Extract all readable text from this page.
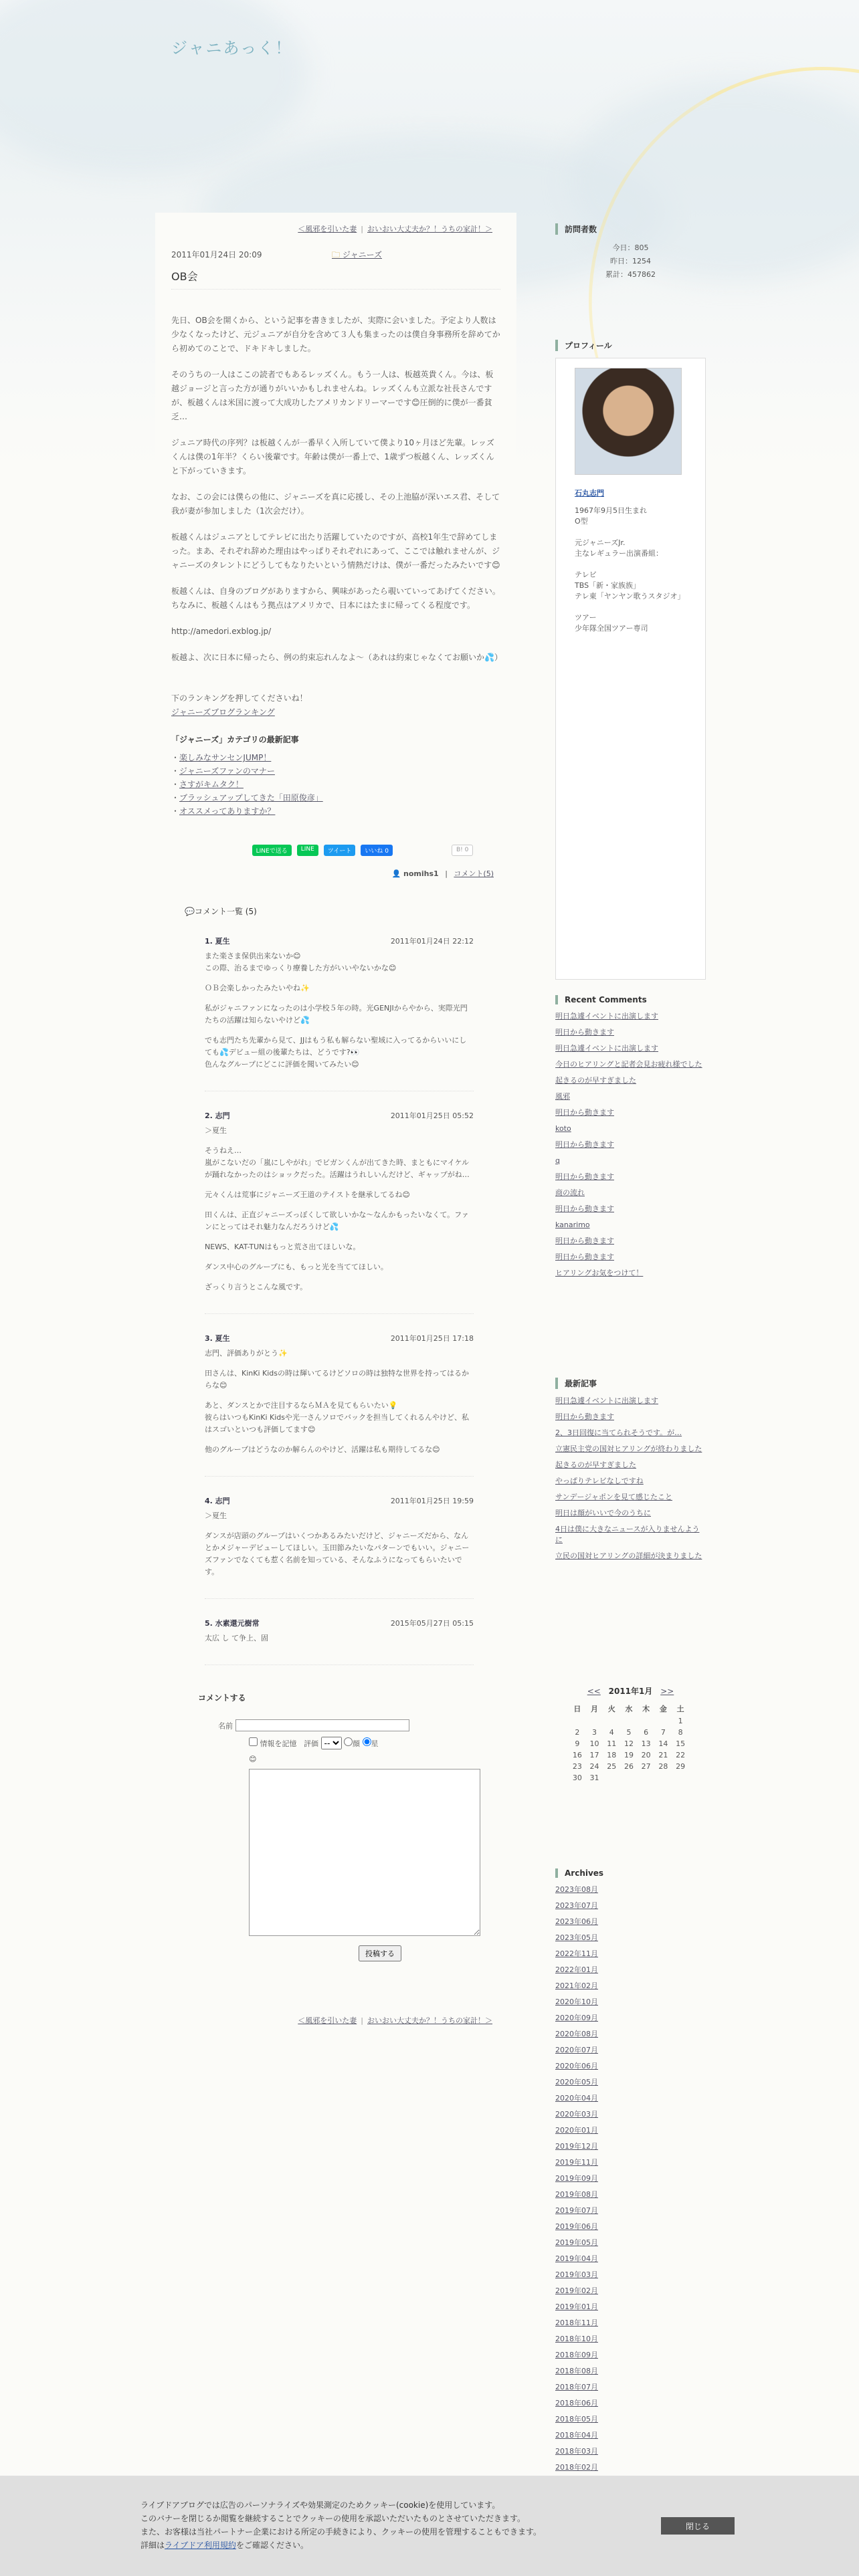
ジャニあっく！
＜風邪を引いた妻 | おいおい大丈夫か？！うちの家計！＞
2011年01月24日 20:09	🗀 ジャニーズ
OB会

先日、OB会を開くから、という記事を書きましたが、実際に会いました。予定より人数は少なくなったけど、元ジュニアが自分を含めて３人も集まったのは僕自身事務所を辞めてから初めてのことで、ドキドキしました。

そのうちの一人はここの読者でもあるレッズくん。もう一人は、板越英貴くん。今は、板越ジョージと言った方が通りがいいかもしれませんね。レッズくんも立派な社長さんですが、板越くんは米国に渡って大成功したアメリカンドリーマーです😊圧倒的に僕が一番貧乏…

ジュニア時代の序列？は板越くんが一番早く入所していて僕より10ヶ月ほど先輩。レッズくんは僕の1年半？くらい後輩です。年齢は僕が一番上で、1歳ずつ板越くん、レッズくんと下がっていきます。

なお、この会には僕らの他に、ジャニーズを真に応援し、その上池脇が深いエス君、そして我が妻が参加しました（1次会だけ）。

板越くんはジュニアとしてテレビに出たり活躍していたのですが、高校1年生で辞めてしまった。まあ、それぞれ辞めた理由はやっぱりそれぞれにあって、ここでは触れませんが、ジャニーズのタレントにどうしてもなりたいという情熱だけは、僕が一番だったみたいです😊

板越くんは、自身のブログがありますから、興味があったら覗いていってあげてください。ちなみに、板越くんはもう拠点はアメリカで、日本にはたまに帰ってくる程度です。

http://amedori.exblog.jp/

板越よ、次に日本に帰ったら、例の約束忘れんなよ〜（あれは約束じゃなくてお願いか💦）

下のランキングを押してくださいね！
ジャニーズブログランキング

「ジャニーズ」カテゴリの最新記事
・ 楽しみなサンセンJUMP！
・ ジャニーズファンのマナー
・ さすがキムタク！
・ ブラッシュアップしてきた「田原俊彦」
・ オススメってありますか？
LINEで送る	LINE	ツイート	いいね 0	B! 0
👤 nomihs1 | コメント(5)
💬コメント一覧 (5)
1. 夏生	2011年01月24日 22:12

また楽さま保供出来ないか😊
この際、治るまでゆっくり療養した方がいいやないかな😊

ＯＢ会楽しかったみたいやね✨

私がジャニファンになったのは小学校５年の時。光GENJIからやから、実際光門たちの活躍は知らないやけど💦

でも志門たち先輩から見て、JJはもう私も解らない聖域に入ってるからいいにしても💦デビュー組の後輩たちは、どうです?👀
色んなグループにどこに評価を聞いてみたい😊

2. 志門	2011年01月25日 05:52

＞夏生

そうねえ…
嵐がこないだの「嵐にしやがれ」でビガンくんが出てきた時、まともにマイケルが踊れなかったのはショックだった。活躍はうれしいんだけど、ギャップがね…

元々くんは荒事にジャニーズ王道のテイストを継承してるね😊

田くんは、正直ジャニーズっぽくして欲しいかな〜なんかもったいなくて。ファンにとってはそれ魅力なんだろうけど💦

NEWS、KAT-TUNはもっと荒さ出てほしいな。

ダンス中心のグループにも、もっと光を当ててほしい。

ざっくり言うとこんな風です。

3. 夏生	2011年01月25日 17:18

志門、評価ありがとう✨

田さんは、KinKi Kidsの時は輝いてるけどソロの時は独特な世界を持ってはるからな😊

あと、ダンスとかで注目するならＭＡを見てもらいたい💡
彼らはいつもKinKi Kidsや光一さんソロでバックを担当してくれるんやけど、私はスゴいといつも評価してます😊

他のグループはどうなのか解らんのやけど、活躍は私も期待してるな😊

4. 志門	2011年01月25日 19:59

＞夏生

ダンスが店頭のグループはいくつかあるみたいだけど、ジャニーズだから、なんとかメジャーデビューしてほしい。玉田節みたいなパターンでもいい。ジャニーズファンでなくても惹く名前を知っている、そんなふうになってもらいたいです。

5. 水素還元樹常	2015年05月27日 05:15

太広 し て争上、固

コメントする
名前
情報を記憶 評価
--	顔 星
😊
投稿する
＜風邪を引いた妻 | おいおい大丈夫か？！うちの家計！＞
訪問者数
今日：805
昨日：1254
累計：457862
プロフィール
石丸志門
1967年9月5日生まれ
O型
元ジャニーズJr.
主なレギュラー出演番組：
テレビ
TBS「新・家族族」
テレ東「ヤンヤン歌うスタジオ」
ツアー
少年隊全国ツアー専司
Recent Comments
明日急遽イベントに出演します
明日から動きます
明日急遽イベントに出演します
今日のヒアリングと記者会見お疲れ様でした
起きるのが早すぎました
風邪
明日から動きます
koto
明日から動きます
q
明日から動きます
商の流れ
明日から動きます
kanarimo
明日から動きます
明日から動きます
ヒアリングお気をつけて！
最新記事
明日急遽イベントに出演します
明日から動きます
2、3日回復に当てられそうです。が…
立憲民主党の国対ヒアリングが終わりました
起きるのが早すぎました
やっぱりテレビなしですね
サンデージャポンを見て感じたこと
明日は顔がいいで今のうちに
4日は僕に大きなニュースが入りませんように
立民の国対ヒアリングの詳細が決まりました
<< 2011年1月 >>
日	月	火	水	木	金	土
						1
2	3	4	5	6	7	8
9	10	11	12	13	14	15
16	17	18	19	20	21	22
23	24	25	26	27	28	29
30	31					
Archives
2023年08月
2023年07月
2023年06月
2023年05月
2022年11月
2022年01月
2021年02月
2020年10月
2020年09月
2020年08月
2020年07月
2020年06月
2020年05月
2020年04月
2020年03月
2020年01月
2019年12月
2019年11月
2019年09月
2019年08月
2019年07月
2019年06月
2019年05月
2019年04月
2019年03月
2019年02月
2019年01月
2018年11月
2018年10月
2018年09月
2018年08月
2018年07月
2018年06月
2018年05月
2018年04月
2018年03月
2018年02月
ライブドアブログでは広告のパーソナライズや効果測定のためクッキー(cookie)を使用しています。
このバナーを閉じるか閲覧を継続することでクッキーの使用を承認いただいたものとさせていただきます。
また、お客様は当社パートナー企業における所定の手続きにより、クッキーの使用を管理することもできます。
詳細はライブドア利用規約をご確認ください。
閉じる
